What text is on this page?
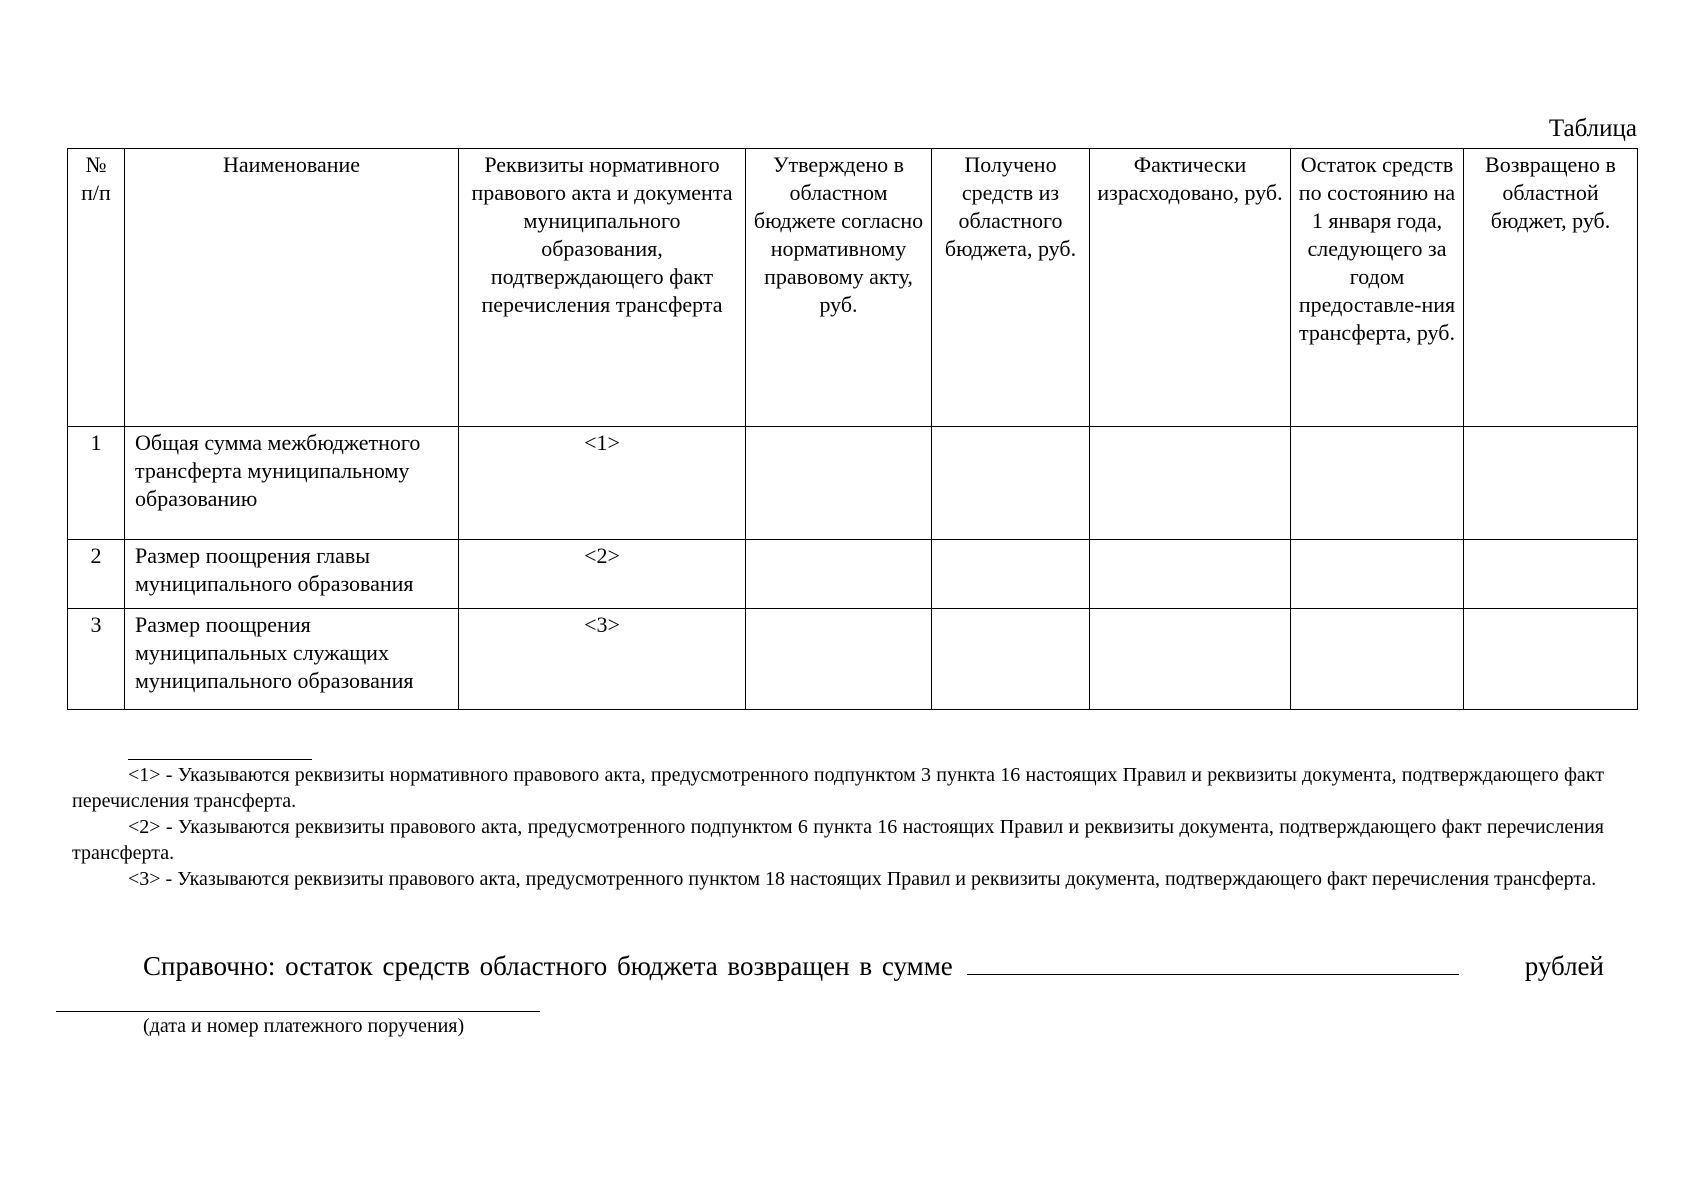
Таблица
№ п/п	Наименование	Реквизиты нормативного правового акта и документа муниципального образования, подтверждающего факт перечисления трансферта	Утверждено в областном бюджете согласно нормативному правовому акту, руб.	Получено средств из областного бюджета, руб.	Фактически израсходовано, руб.	Остаток средств по состоянию на 1 января года, следующего за годом предоставле-ния трансферта, руб.	Возвращено в областной бюджет, руб.
1	Общая сумма межбюджетного трансферта муниципальному образованию	<1>					
2	Размер поощрения главы муниципального образования	<2>					
3	Размер поощрения муниципальных служащих муниципального образования	<3>					

<1> - Указываются реквизиты нормативного правового акта, предусмотренного подпунктом 3 пункта 16 настоящих Правил и реквизиты документа, подтверждающего факт перечисления трансферта.

<2> - Указываются реквизиты правового акта, предусмотренного подпунктом 6 пункта 16 настоящих Правил и реквизиты документа, подтверждающего факт перечисления трансферта.

<3> - Указываются реквизиты правового акта, предусмотренного пунктом 18 настоящих Правил и реквизиты документа, подтверждающего факт перечисления трансферта.

Справочно: остаток средств областного бюджета возвращен в сумме	рублей
(дата и номер платежного поручения)
